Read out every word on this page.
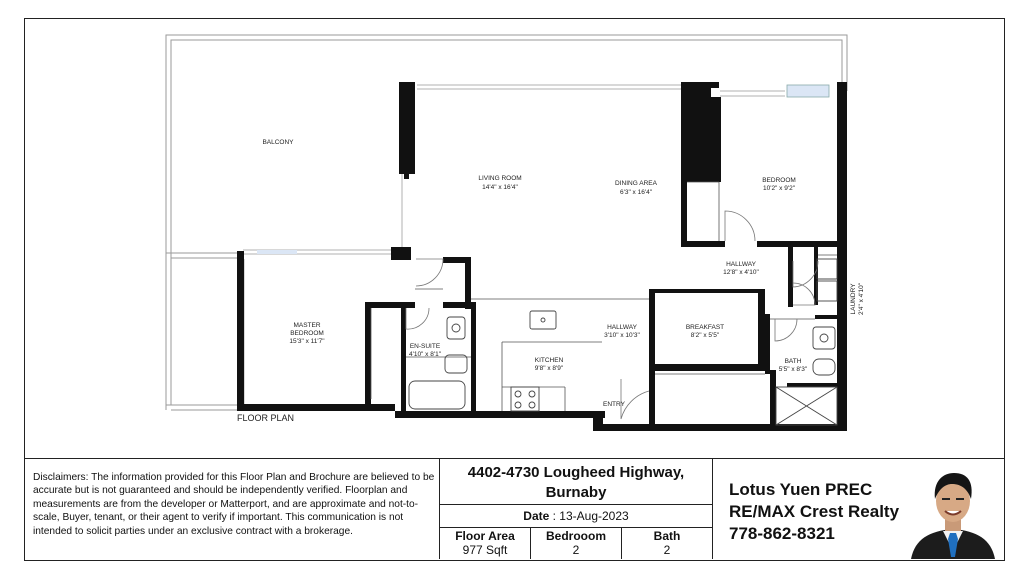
BALCONY
LIVING ROOM
14'4" x 16'4"
DINING AREA
6'3" x 16'4"
BEDROOM
10'2" x 9'2"
HALLWAY
12'8" x 4'10"
MASTER
BEDROOM
15'3" x 11'7"
EN-SUITE
4'10" x 8'1"
HALLWAY
3'10" x 10'3"
BREAKFAST
8'2" x 5'5"
KITCHEN
9'8" x 8'9"
BATH
5'5" x 8'3"
ENTRY
LAUNDRY 2'4" x 4'10"
FLOOR PLAN
Disclaimers: The information provided for this Floor Plan and Brochure are believed to be accurate but is not guaranteed and should be independently verified. Floorplan and measurements are from the developer or Matterport, and are approximate and not-to-scale, Buyer, tenant, or their agent to verify if important. This communication is not intended to solicit parties under an exclusive contract with a brokerage.
4402-4730 Lougheed Highway,
Burnaby
Date : 13-Aug-2023
Floor Area
977 Sqft
Bedrooom
2
Bath
2
Lotus Yuen PREC
RE/MAX Crest Realty
778-862-8321
